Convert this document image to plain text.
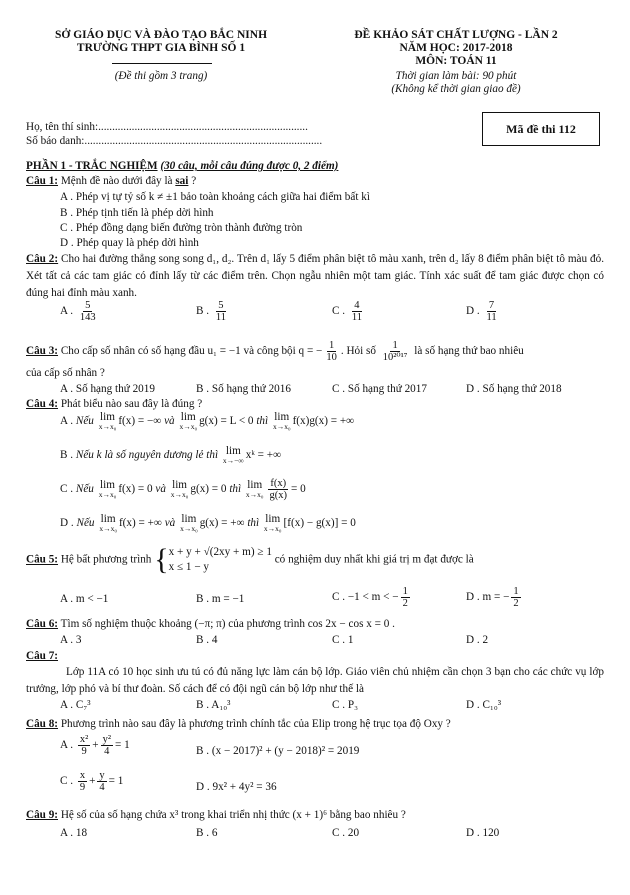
SỞ GIÁO DỤC VÀ ĐÀO TẠO BẮC NINH
TRƯỜNG THPT GIA BÌNH SỐ 1
(Đề thi gồm 3 trang)
ĐỀ KHẢO SÁT CHẤT LƯỢNG - LẦN 2
NĂM HỌC: 2017-2018
MÔN: TOÁN 11
Thời gian làm bài: 90 phút
(Không kể thời gian giao đề)
Họ, tên thí sinh:...........................................................................
Số báo danh:.....................................................................................
Mã đề thi 112
PHẦN 1 - TRẮC NGHIỆM (30 câu, mỗi câu đúng được 0, 2 điểm)
Câu 1: Mệnh đề nào dưới đây là sai ?
A . Phép vị tự tỷ số k ≠ ±1 bảo toàn khoảng cách giữa hai điểm bất kì
B . Phép tịnh tiến là phép dời hình
C . Phép đồng dạng biến đường tròn thành đường tròn
D . Phép quay là phép dời hình
Câu 2: Cho hai đường thẳng song song d₁, d₂. Trên d₁ lấy 5 điểm phân biệt tô màu xanh, trên d₂ lấy 8 điểm phân biệt tô màu đỏ. Xét tất cả các tam giác có đỉnh lấy từ các điểm trên. Chọn ngẫu nhiên một tam giác. Tính xác suất để tam giác được chọn có đúng hai đỉnh màu xanh.
A . $\frac{5}{143}$	B . $\frac{5}{11}$	C . $\frac{4}{11}$	D . $\frac{7}{11}$
Câu 3: Cho cấp số nhân có số hạng đầu u₁ = −1 và công bội q = − $\frac{1}{10}$ . Hỏi số $\frac{1}{\text{10²⁰¹⁷}}$ là số hạng thứ bao nhiêu
của cấp số nhân ?
A . Số hạng thứ 2019	B . Số hạng thứ 2016	C . Số hạng thứ 2017	D . Số hạng thứ 2018
Câu 4: Phát biểu nào sau đây là đúng ?
A . Nếu lim
x→x₀ f(x) = −∞ và lim
x→x₀ g(x) = L < 0 thì lim
x→x₀ f(x)g(x) = +∞
B . Nếu k là số nguyên dương lẻ thì lim
x→−∞ xᵏ = +∞
C . Nếu lim
x→x₀ f(x) = 0 và lim
x→x₀ g(x) = 0 thì lim
$x\to x_0 \frac{f(x)}{g(x)} = 0$
D . Nếu lim
x→x₀ f(x) = +∞ và lim
x→x₀ g(x) = +∞ thì lim
x→x₀ [f(x) − g(x)] = 0
Câu 5: Hệ bất phương trình { x + y + √(2xy + m) ≥ 1
x ≤ 1 − y
có nghiệm duy nhất khi giá trị m đạt được là
A . m < −1	B . m = −1	C . −1 < m < − $\frac{1}{2}$	D . m = − $\frac{1}{2}$
Câu 6: Tìm số nghiệm thuộc khoảng (−π; π) của phương trình cos 2x − cos x = 0 .
A . 3	B . 4	C . 1	D . 2
Câu 7:
Lớp 11A có 10 học sinh ưu tú có đủ năng lực làm cán bộ lớp. Giáo viên chủ nhiệm cần chọn 3 bạn cho các chức vụ lớp trưởng, lớp phó và bí thư đoàn. Số cách để có đội ngũ cán bộ lớp như thế là
A . C₇³	B . A₁₀³	C . P₃	D . C₁₀³
Câu 8: Phương trình nào sau đây là phương trình chính tắc của Elip trong hệ trục tọa độ Oxy ?
A . $\frac{\text{x²}}{9} + \frac{\text{y²}}{4} = 1$	B . (x − 2017)² + (y − 2018)² = 2019
C . $\frac{x}{9} + \frac{y}{4} = 1$	D . 9x² + 4y² = 36
Câu 9: Hệ số của số hạng chứa x³ trong khai triển nhị thức (x + 1)⁶ bằng bao nhiêu ?
A . 18	B . 6	C . 20	D . 120
